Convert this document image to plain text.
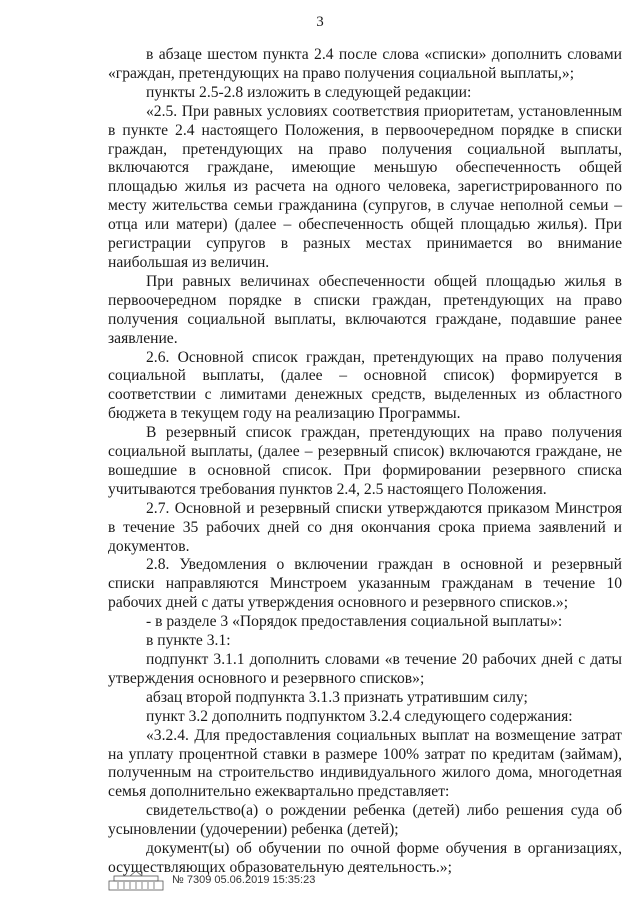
3

в абзаце шестом пункта 2.4 после слова «списки» дополнить словами «граждан, претендующих на право получения социальной выплаты,»;

пункты 2.5-2.8 изложить в следующей редакции:

«2.5. При равных условиях соответствия приоритетам, установленным в пункте 2.4 настоящего Положения, в первоочередном порядке в списки граждан, претендующих на право получения социальной выплаты, включаются граждане, имеющие меньшую обеспеченность общей площадью жилья из расчета на одного человека, зарегистрированного по месту жительства семьи гражданина (супругов, в случае неполной семьи – отца или матери) (далее – обеспеченность общей площадью жилья). При регистрации супругов в разных местах принимается во внимание наибольшая из величин.

При равных величинах обеспеченности общей площадью жилья в первоочередном порядке в списки граждан, претендующих на право получения социальной выплаты, включаются граждане, подавшие ранее заявление.

2.6. Основной список граждан, претендующих на право получения социальной выплаты, (далее – основной список) формируется в соответствии с лимитами денежных средств, выделенных из областного бюджета в текущем году на реализацию Программы.

В резервный список граждан, претендующих на право получения социальной выплаты, (далее – резервный список) включаются граждане, не вошедшие в основной список. При формировании резервного списка учитываются требования пунктов 2.4, 2.5 настоящего Положения.

2.7. Основной и резервный списки утверждаются приказом Минстроя в течение 35 рабочих дней со дня окончания срока приема заявлений и документов.

2.8. Уведомления о включении граждан в основной и резервный списки направляются Минстроем указанным гражданам в течение 10 рабочих дней с даты утверждения основного и резервного списков.»;

- в разделе 3 «Порядок предоставления социальной выплаты»:

в пункте 3.1:

подпункт 3.1.1 дополнить словами «в течение 20 рабочих дней с даты утверждения основного и резервного списков»;

абзац второй подпункта 3.1.3 признать утратившим силу;

пункт 3.2 дополнить подпунктом 3.2.4 следующего содержания:

«3.2.4. Для предоставления социальных выплат на возмещение затрат на уплату процентной ставки в размере 100% затрат по кредитам (займам), полученным на строительство индивидуального жилого дома, многодетная семья дополнительно ежеквартально представляет:

свидетельство(а) о рождении ребенка (детей) либо решения суда об усыновлении (удочерении) ребенка (детей);

документ(ы) об обучении по очной форме обучения в организациях, осуществляющих образовательную деятельность.»;

№ 7309 05.06.2019 15:35:23
